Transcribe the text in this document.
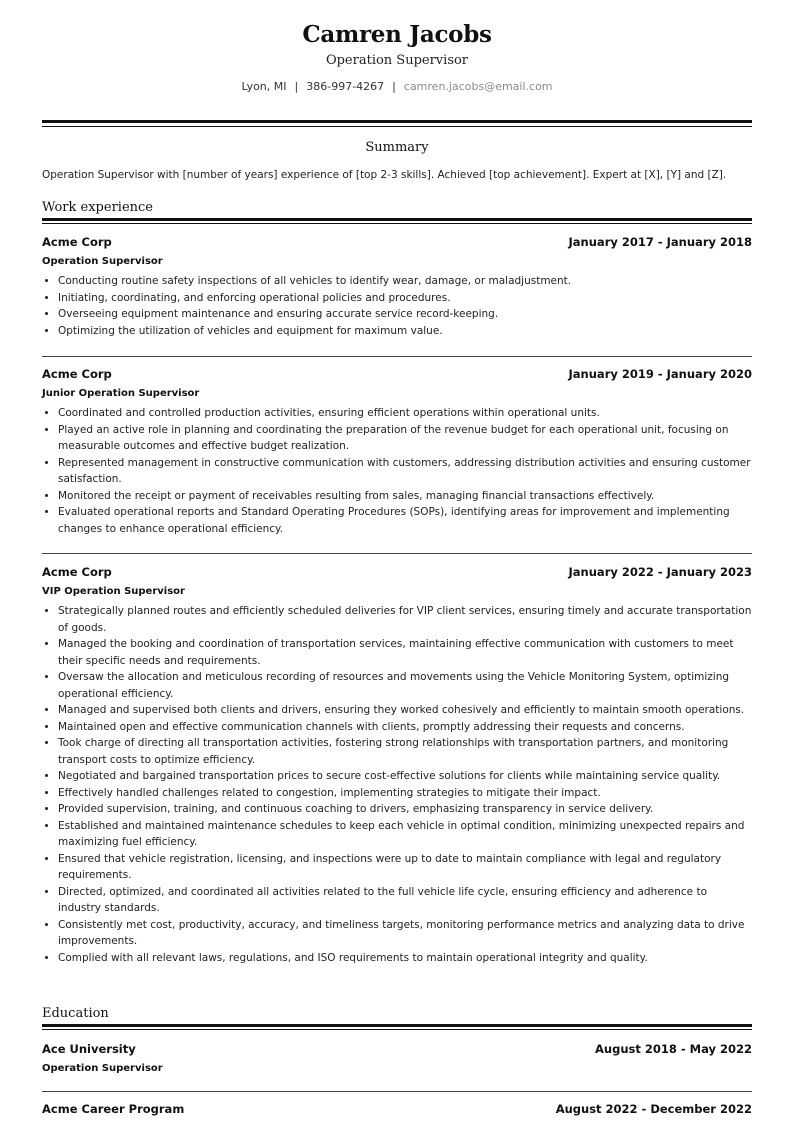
Camren Jacobs
Operation Supervisor
Lyon, MI | 386-997-4267 | camren.jacobs@email.com
Summary
Operation Supervisor with [number of years] experience of [top 2-3 skills]. Achieved [top achievement]. Expert at [X], [Y] and [Z].
Work experience
Acme Corp	January 2017 - January 2018
Operation Supervisor
• Conducting routine safety inspections of all vehicles to identify wear, damage, or maladjustment.
• Initiating, coordinating, and enforcing operational policies and procedures.
• Overseeing equipment maintenance and ensuring accurate service record-keeping.
• Optimizing the utilization of vehicles and equipment for maximum value.
Acme Corp	January 2019 - January 2020
Junior Operation Supervisor
• Coordinated and controlled production activities, ensuring efficient operations within operational units.
• Played an active role in planning and coordinating the preparation of the revenue budget for each operational unit, focusing on measurable outcomes and effective budget realization.
• Represented management in constructive communication with customers, addressing distribution activities and ensuring customer satisfaction.
• Monitored the receipt or payment of receivables resulting from sales, managing financial transactions effectively.
• Evaluated operational reports and Standard Operating Procedures (SOPs), identifying areas for improvement and implementing changes to enhance operational efficiency.
Acme Corp	January 2022 - January 2023
VIP Operation Supervisor
• Strategically planned routes and efficiently scheduled deliveries for VIP client services, ensuring timely and accurate transportation of goods.
• Managed the booking and coordination of transportation services, maintaining effective communication with customers to meet their specific needs and requirements.
• Oversaw the allocation and meticulous recording of resources and movements using the Vehicle Monitoring System, optimizing operational efficiency.
• Managed and supervised both clients and drivers, ensuring they worked cohesively and efficiently to maintain smooth operations.
• Maintained open and effective communication channels with clients, promptly addressing their requests and concerns.
• Took charge of directing all transportation activities, fostering strong relationships with transportation partners, and monitoring transport costs to optimize efficiency.
• Negotiated and bargained transportation prices to secure cost-effective solutions for clients while maintaining service quality.
• Effectively handled challenges related to congestion, implementing strategies to mitigate their impact.
• Provided supervision, training, and continuous coaching to drivers, emphasizing transparency in service delivery.
• Established and maintained maintenance schedules to keep each vehicle in optimal condition, minimizing unexpected repairs and maximizing fuel efficiency.
• Ensured that vehicle registration, licensing, and inspections were up to date to maintain compliance with legal and regulatory requirements.
• Directed, optimized, and coordinated all activities related to the full vehicle life cycle, ensuring efficiency and adherence to industry standards.
• Consistently met cost, productivity, accuracy, and timeliness targets, monitoring performance metrics and analyzing data to drive improvements.
• Complied with all relevant laws, regulations, and ISO requirements to maintain operational integrity and quality.
Education
Ace University	August 2018 - May 2022
Operation Supervisor
Acme Career Program	August 2022 - December 2022
